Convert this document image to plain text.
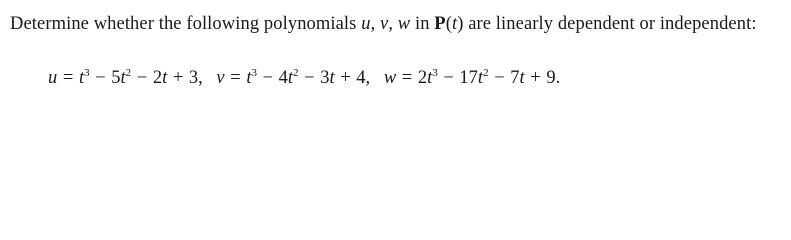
Determine whether the following polynomials u, v, w in P(t) are linearly dependent or independent:
$u = t^3 - 5t^2 - 2t + 3$, $v = t^3 - 4t^2 - 3t + 4$, $w = 2t^3 - 17t^2 - 7t + 9$.
